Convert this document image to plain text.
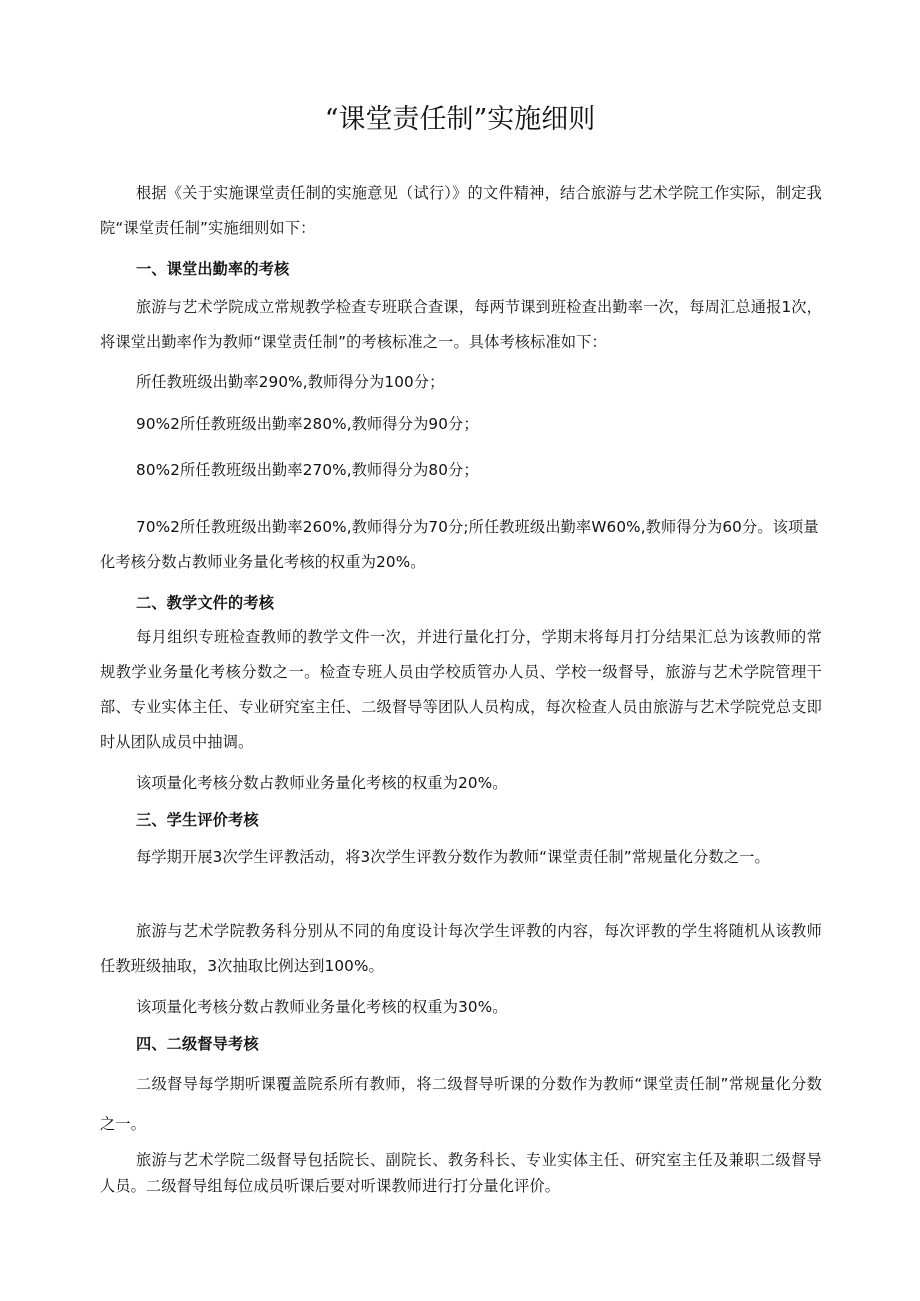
“课堂责任制”实施细则

根据《关于实施课堂责任制的实施意见（试行）》的文件精神，结合旅游与艺术学院工作实际，制定我院“课堂责任制”实施细则如下：

一、课堂出勤率的考核

旅游与艺术学院成立常规教学检查专班联合查课，每两节课到班检查出勤率一次，每周汇总通报1次，将课堂出勤率作为教师“课堂责任制”的考核标准之一。具体考核标准如下：

所任教班级出勤率290%,教师得分为100分；

90%2所任教班级出勤率280%,教师得分为90分；

80%2所任教班级出勤率270%,教师得分为80分；

70%2所任教班级出勤率260%,教师得分为70分;所任教班级出勤率W60%,教师得分为60分。该项量化考核分数占教师业务量化考核的权重为20%。

二、教学文件的考核

每月组织专班检查教师的教学文件一次，并进行量化打分，学期末将每月打分结果汇总为该教师的常规教学业务量化考核分数之一。检查专班人员由学校质管办人员、学校一级督导，旅游与艺术学院管理干部、专业实体主任、专业研究室主任、二级督导等团队人员构成，每次检查人员由旅游与艺术学院党总支即时从团队成员中抽调。

该项量化考核分数占教师业务量化考核的权重为20%。

三、学生评价考核

每学期开展3次学生评教活动，将3次学生评教分数作为教师“课堂责任制”常规量化分数之一。

旅游与艺术学院教务科分别从不同的角度设计每次学生评教的内容，每次评教的学生将随机从该教师任教班级抽取，3次抽取比例达到100%。

该项量化考核分数占教师业务量化考核的权重为30%。

四、二级督导考核

二级督导每学期听课覆盖院系所有教师，将二级督导听课的分数作为教师“课堂责任制”常规量化分数之一。

旅游与艺术学院二级督导包括院长、副院长、教务科长、专业实体主任、研究室主任及兼职二级督导人员。二级督导组每位成员听课后要对听课教师进行打分量化评价。
